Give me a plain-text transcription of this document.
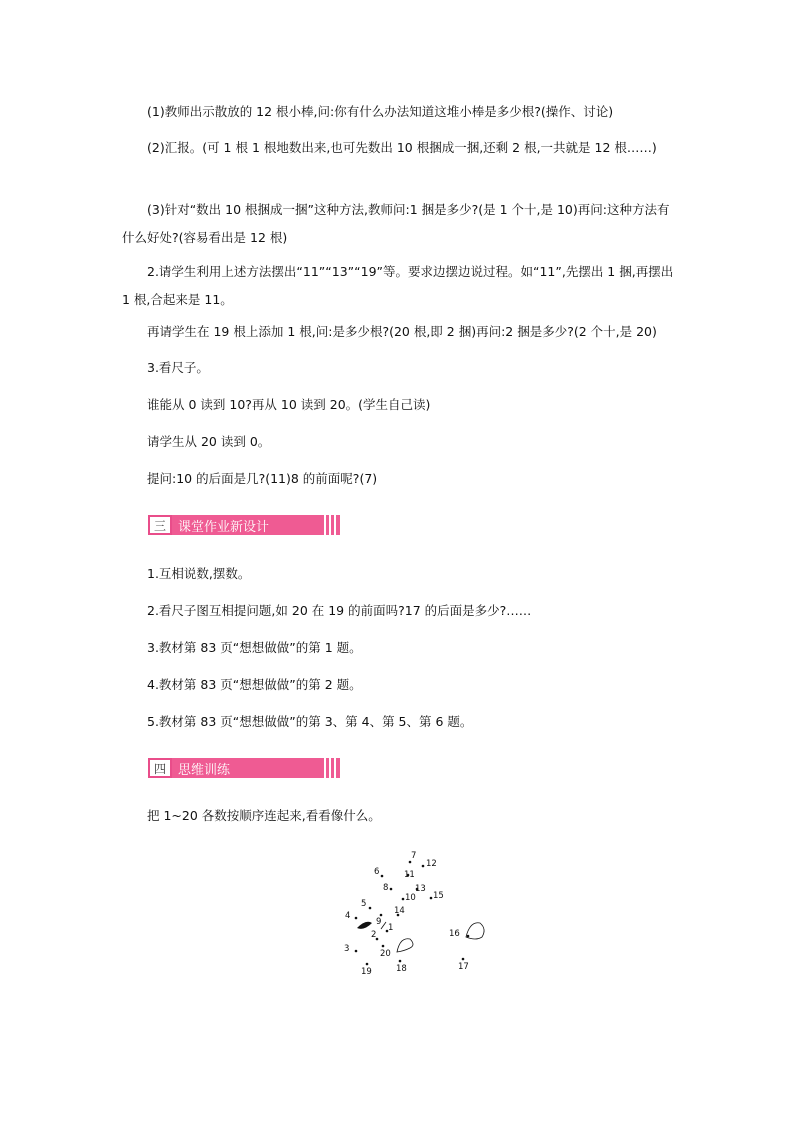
(1)教师出示散放的 12 根小棒,问:你有什么办法知道这堆小棒是多少根?(操作、讨论)
(2)汇报。(可 1 根 1 根地数出来,也可先数出 10 根捆成一捆,还剩 2 根,一共就是 12 根……)
(3)针对“数出 10 根捆成一捆”这种方法,教师问:1 捆是多少?(是 1 个十,是 10)再问:这种方法有什么好处?(容易看出是 12 根)
2.请学生利用上述方法摆出“11”“13”“19”等。要求边摆边说过程。如“11”,先摆出 1 捆,再摆出 1 根,合起来是 11。
再请学生在 19 根上添加 1 根,问:是多少根?(20 根,即 2 捆)再问:2 捆是多少?(2 个十,是 20)
3.看尺子。
谁能从 0 读到 10?再从 10 读到 20。(学生自己读)
请学生从 20 读到 0。
提问:10 的后面是几?(11)8 的前面呢?(7)
三 课堂作业新设计
1.互相说数,摆数。
2.看尺子图互相提问题,如 20 在 19 的前面吗?17 的后面是多少?……
3.教材第 83 页“想想做做”的第 1 题。
4.教材第 83 页“想想做做”的第 2 题。
5.教材第 83 页“想想做做”的第 3、第 4、第 5、第 6 题。
四 思维训练
把 1~20 各数按顺序连起来,看看像什么。
1
2
3
4
5
6
7
8
9
10
11
12
13
14
15
16
17
18
19
20
